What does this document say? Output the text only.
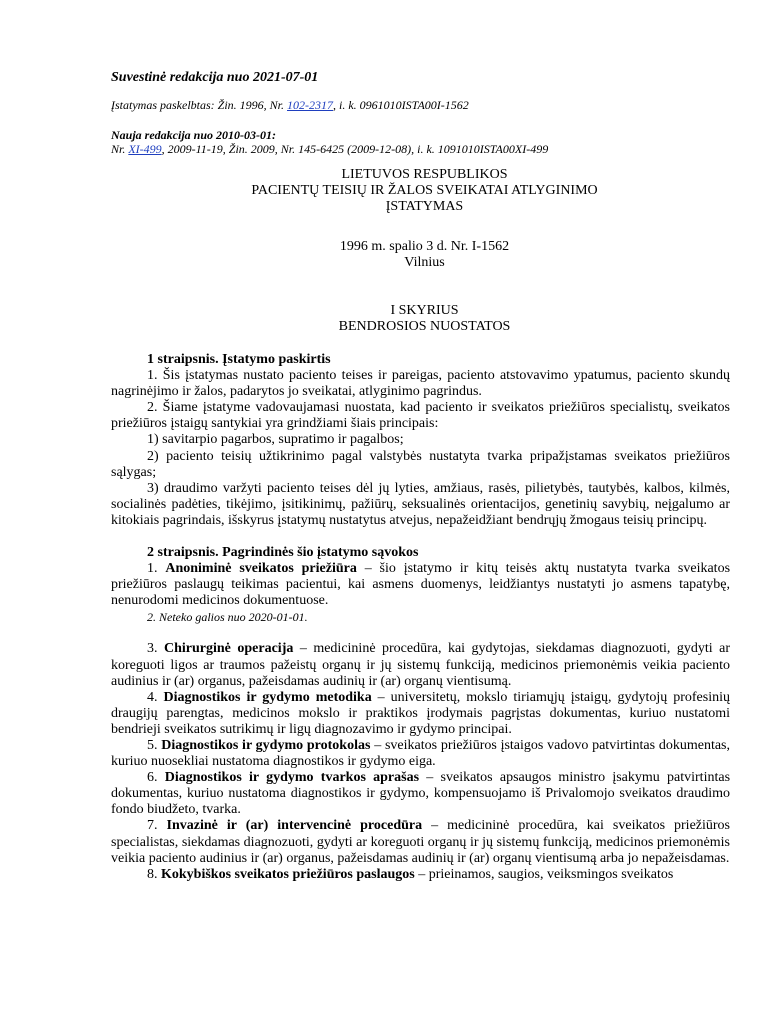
Suvestinė redakcija nuo 2021-07-01
Įstatymas paskelbtas: Žin. 1996, Nr. 102-2317, i. k. 0961010ISTA00I-1562
Nauja redakcija nuo 2010-03-01:
Nr. XI-499, 2009-11-19, Žin. 2009, Nr. 145-6425 (2009-12-08), i. k. 1091010ISTA00XI-499
LIETUVOS RESPUBLIKOS
PACIENTŲ TEISIŲ IR ŽALOS SVEIKATAI ATLYGINIMO
ĮSTATYMAS
1996 m. spalio 3 d. Nr. I-1562
Vilnius
I SKYRIUS
BENDROSIOS NUOSTATOS

1 straipsnis. Įstatymo paskirtis

1. Šis įstatymas nustato paciento teises ir pareigas, paciento atstovavimo ypatumus, paciento skundų nagrinėjimo ir žalos, padarytos jo sveikatai, atlyginimo pagrindus.

2. Šiame įstatyme vadovaujamasi nuostata, kad paciento ir sveikatos priežiūros specialistų, sveikatos priežiūros įstaigų santykiai yra grindžiami šiais principais:

1) savitarpio pagarbos, supratimo ir pagalbos;

2) paciento teisių užtikrinimo pagal valstybės nustatyta tvarka pripažįstamas sveikatos priežiūros sąlygas;

3) draudimo varžyti paciento teises dėl jų lyties, amžiaus, rasės, pilietybės, tautybės, kalbos, kilmės, socialinės padėties, tikėjimo, įsitikinimų, pažiūrų, seksualinės orientacijos, genetinių savybių, neįgalumo ar kitokiais pagrindais, išskyrus įstatymų nustatytus atvejus, nepažeidžiant bendrųjų žmogaus teisių principų.

2 straipsnis. Pagrindinės šio įstatymo sąvokos

1. Anoniminė sveikatos priežiūra – šio įstatymo ir kitų teisės aktų nustatyta tvarka sveikatos priežiūros paslaugų teikimas pacientui, kai asmens duomenys, leidžiantys nustatyti jo asmens tapatybę, nenurodomi medicinos dokumentuose.

2. Neteko galios nuo 2020-01-01.

3. Chirurginė operacija – medicininė procedūra, kai gydytojas, siekdamas diagnozuoti, gydyti ar koreguoti ligos ar traumos pažeistų organų ir jų sistemų funkciją, medicinos priemonėmis veikia paciento audinius ir (ar) organus, pažeisdamas audinių ir (ar) organų vientisumą.

4. Diagnostikos ir gydymo metodika – universitetų, mokslo tiriamųjų įstaigų, gydytojų profesinių draugijų parengtas, medicinos mokslo ir praktikos įrodymais pagrįstas dokumentas, kuriuo nustatomi bendrieji sveikatos sutrikimų ir ligų diagnozavimo ir gydymo principai.

5. Diagnostikos ir gydymo protokolas – sveikatos priežiūros įstaigos vadovo patvirtintas dokumentas, kuriuo nuosekliai nustatoma diagnostikos ir gydymo eiga.

6. Diagnostikos ir gydymo tvarkos aprašas – sveikatos apsaugos ministro įsakymu patvirtintas dokumentas, kuriuo nustatoma diagnostikos ir gydymo, kompensuojamo iš Privalomojo sveikatos draudimo fondo biudžeto, tvarka.

7. Invazinė ir (ar) intervencinė procedūra – medicininė procedūra, kai sveikatos priežiūros specialistas, siekdamas diagnozuoti, gydyti ar koreguoti organų ir jų sistemų funkciją, medicinos priemonėmis veikia paciento audinius ir (ar) organus, pažeisdamas audinių ir (ar) organų vientisumą arba jo nepažeisdamas.

8. Kokybiškos sveikatos priežiūros paslaugos – prieinamos, saugios, veiksmingos sveikatos
